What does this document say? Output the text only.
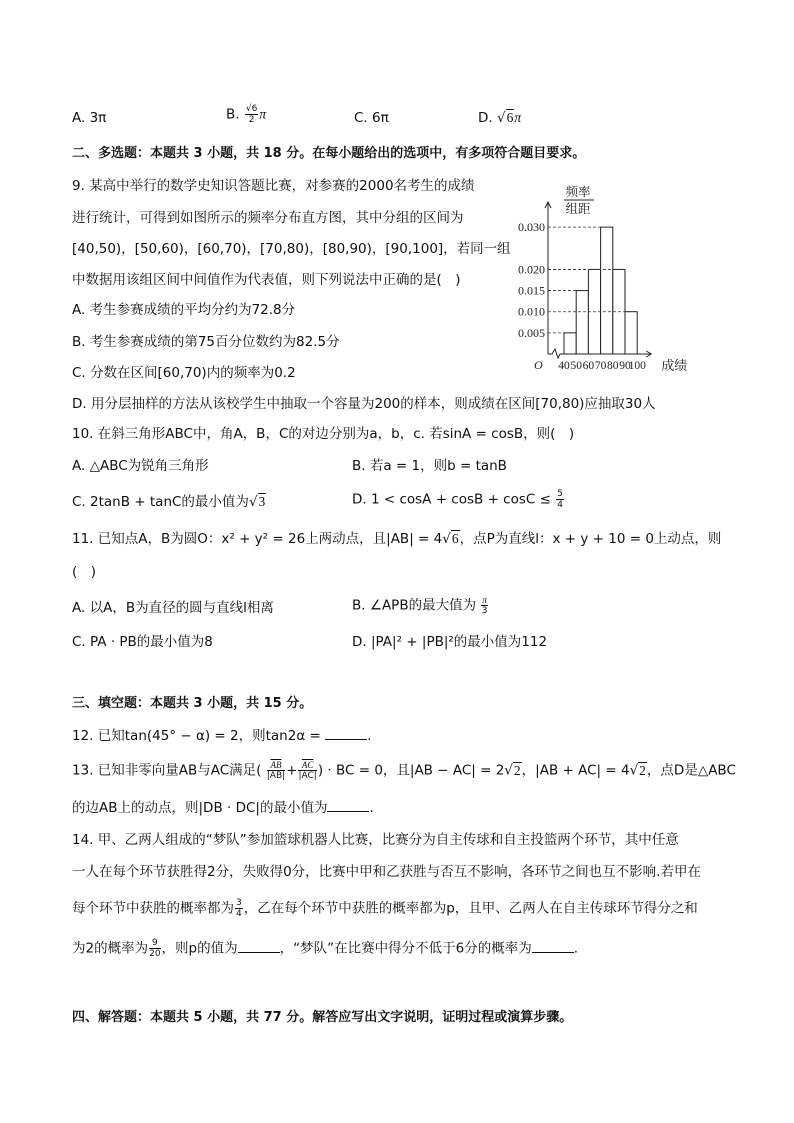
A. 3π	B. $\frac{√6}{2}$ π	C. 6π	D. √6π
二、多选题：本题共 3 小题，共 18 分。在每小题给出的选项中，有多项符合题目要求。
9. 某高中举行的数学史知识答题比赛，对参赛的2000名考生的成绩
进行统计，可得到如图所示的频率分布直方图，其中分组的区间为
[40,50)，[50,60)，[60,70)，[70,80)，[80,90)，[90,100]，若同一组
中数据用该组区间中间值作为代表值，则下列说法中正确的是(　)
A. 考生参赛成绩的平均分约为72.8分
B. 考生参赛成绩的第75百分位数约为82.5分
C. 分数在区间[60,70)内的频率为0.2
D. 用分层抽样的方法从该校学生中抽取一个容量为200的样本，则成绩在区间[70,80)应抽取30人
0.030
0.020
0.015
0.010
0.005
40 50 60 70 80 90
100
频率
组距
O	成绩
10. 在斜三角形ABC中，角A，B，C的对边分别为a，b，c. 若sinA = cosB，则(　)
A. △ABC为锐角三角形	B. 若a = 1，则b = tanB
C. 2tanB + tanC的最小值为√3	D. $1 < \cos A + \cos B + \cos C \le \frac{5}{4}$
11. 已知点A，B为圆O：x² + y² = 26上两动点，且|AB| = 4√6，点P为直线l：x + y + 10 = 0上动点，则
(　)
A. 以A，B为直径的圆与直线l相离	B. ∠APB的最大值为 $\frac{\pi}{3}$
C. PA · PB的最小值为8	D. |PA|² + |PB|²的最小值为112
三、填空题：本题共 3 小题，共 15 分。
12. 已知tan(45° − α) = 2，则tan2α =	.
13. 已知非零向量AB与AC满足( $\frac{\overline{AB}}{|AB|} + \frac{\overline{AC}}{|AC|}$ ) · BC = 0，且|AB − AC| = 2√2，|AB + AC| = 4√2，点D是△ABC
的边AB上的动点，则|DB · DC|的最小值为	.
14. 甲、乙两人组成的“梦队”参加篮球机器人比赛，比赛分为自主传球和自主投篮两个环节，其中任意
一人在每个环节获胜得2分，失败得0分，比赛中甲和乙获胜与否互不影响，各环节之间也互不影响.若甲在
每个环节中获胜的概率都为 $\frac{3}{4}$ ，乙在每个环节中获胜的概率都为p，且甲、乙两人在自主传球环节得分之和
为2的概率为 $\frac{9}{20}$ ，则p的值为	，“梦队”在比赛中得分不低于6分的概率为	.
四、解答题：本题共 5 小题，共 77 分。解答应写出文字说明，证明过程或演算步骤。
